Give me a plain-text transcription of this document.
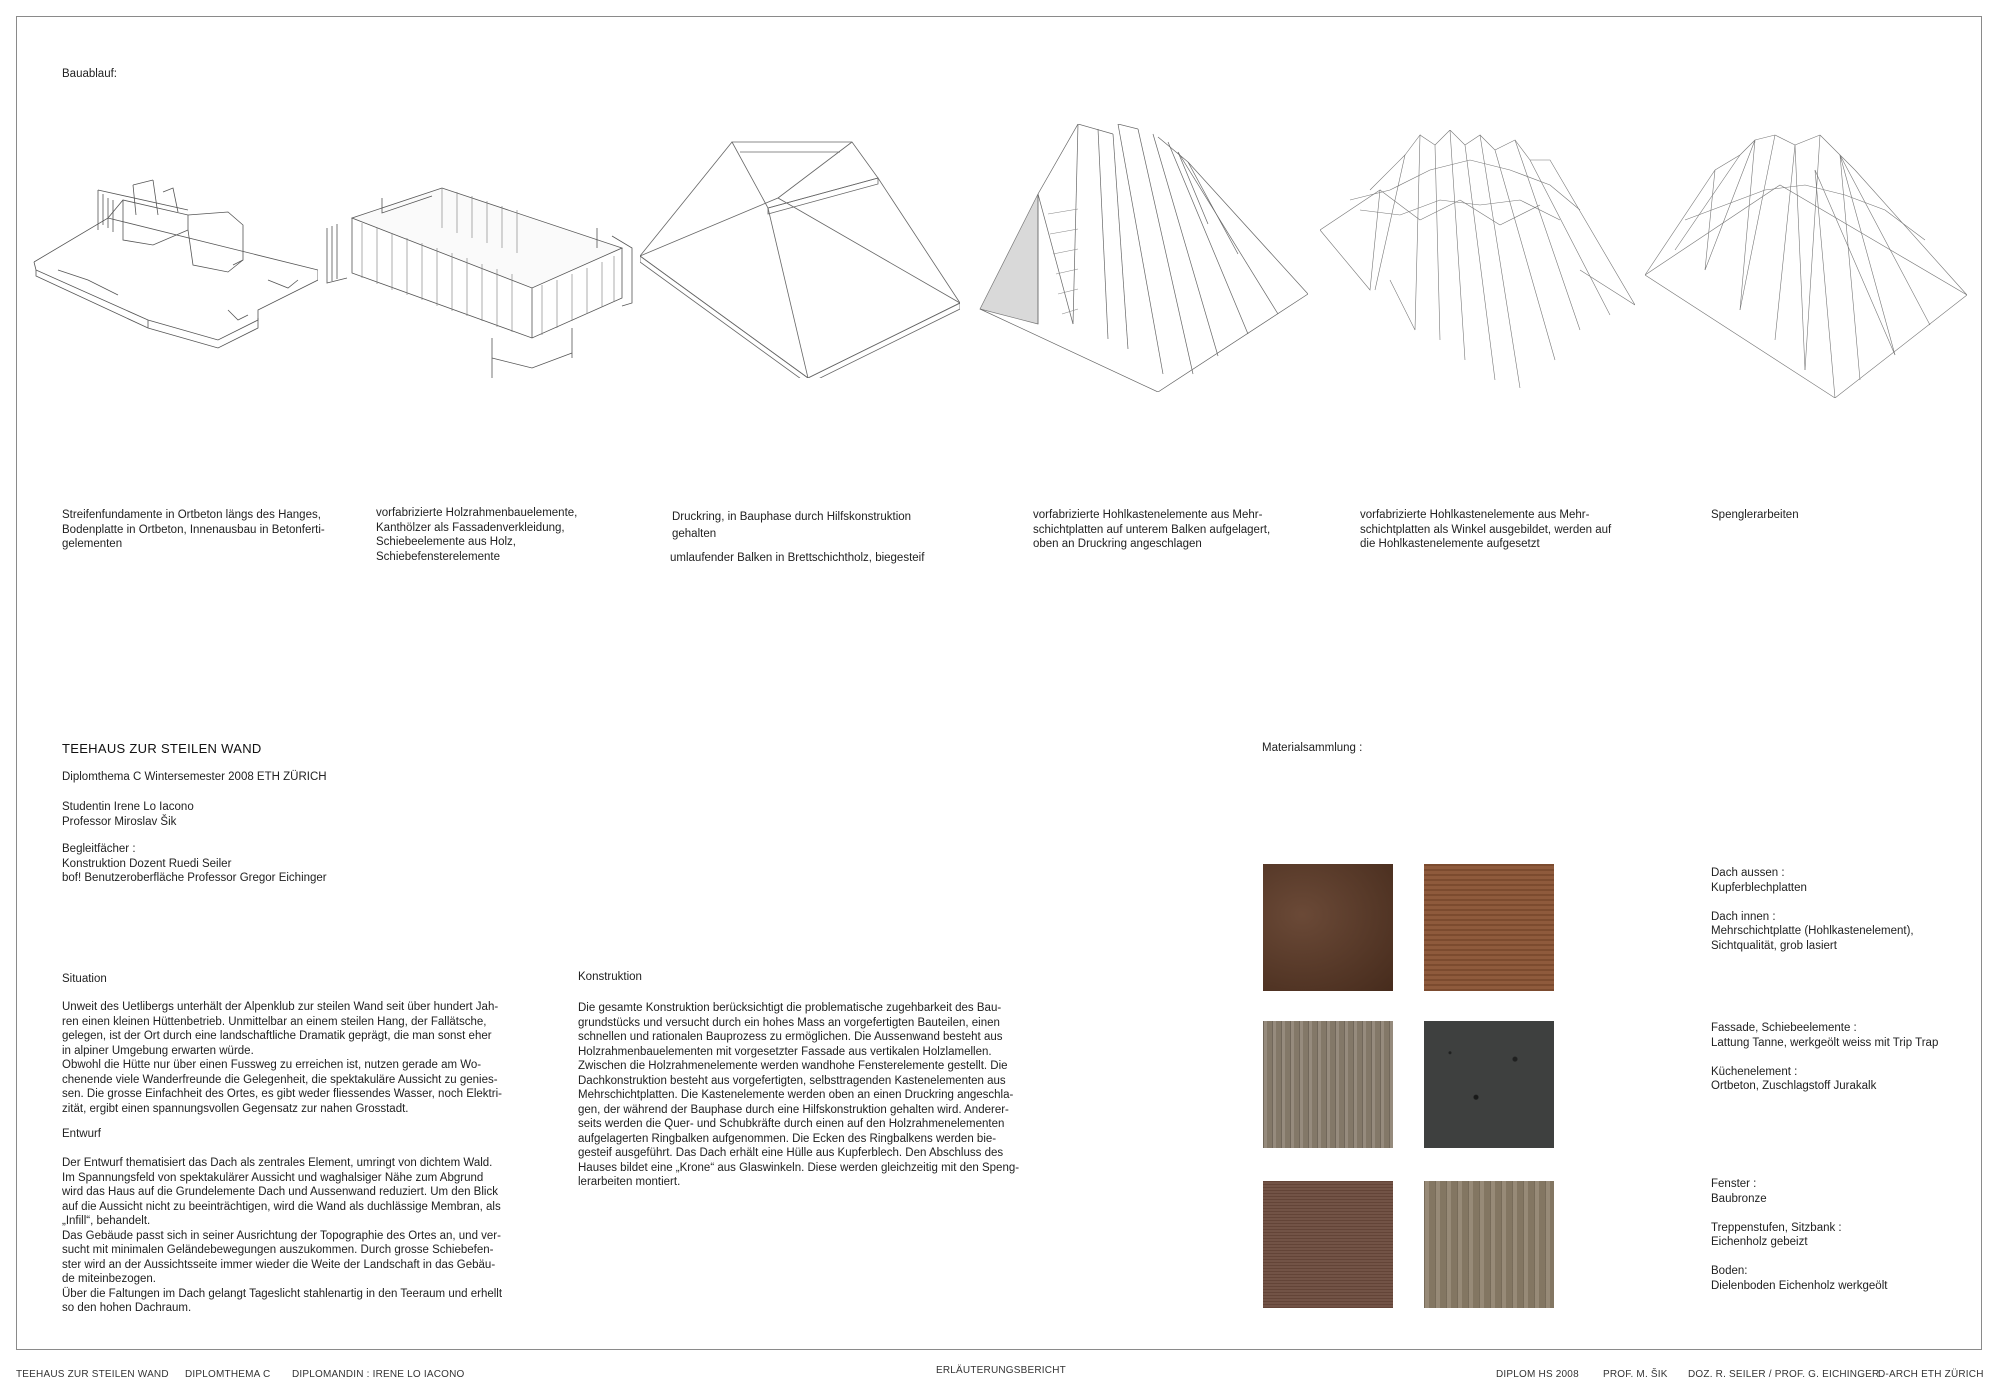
Bauablauf:
Streifenfundamente in Ortbeton längs des Hanges,
Bodenplatte in Ortbeton, Innenausbau in Betonferti-
gelementen
vorfabrizierte Holzrahmenbauelemente,
Kanthölzer als Fassadenverkleidung,
Schiebeelemente aus Holz,
Schiebefensterelemente
Druckring, in Bauphase durch Hilfskonstruktion
gehalten
umlaufender Balken in Brettschichtholz, biegesteif
vorfabrizierte Hohlkastenelemente aus Mehr-
schichtplatten auf unterem Balken aufgelagert,
oben an Druckring angeschlagen
vorfabrizierte Hohlkastenelemente aus Mehr-
schichtplatten als Winkel ausgebildet, werden auf
die Hohlkastenelemente aufgesetzt
Spenglerarbeiten
TEEHAUS ZUR STEILEN WAND
Diplomthema C Wintersemester 2008 ETH ZÜRICH
Studentin Irene Lo Iacono
Professor Miroslav Šik
Begleitfächer :
Konstruktion Dozent Ruedi Seiler
bof! Benutzeroberfläche Professor Gregor Eichinger
Situation
Unweit des Uetlibergs unterhält der Alpenklub zur steilen Wand seit über hundert Jah-
ren einen kleinen Hüttenbetrieb. Unmittelbar an einem steilen Hang, der Fallätsche,
gelegen, ist der Ort durch eine landschaftliche Dramatik geprägt, die man sonst eher
in alpiner Umgebung erwarten würde.
Obwohl die Hütte nur über einen Fussweg zu erreichen ist, nutzen gerade am Wo-
chenende viele Wanderfreunde die Gelegenheit, die spektakuläre Aussicht zu genies-
sen. Die grosse Einfachheit des Ortes, es gibt weder fliessendes Wasser, noch Elektri-
zität, ergibt einen spannungsvollen Gegensatz zur nahen Grosstadt.
Entwurf
Der Entwurf thematisiert das Dach als zentrales Element, umringt von dichtem Wald.
Im Spannungsfeld von spektakulärer Aussicht und waghalsiger Nähe zum Abgrund
wird das Haus auf die Grundelemente Dach und Aussenwand reduziert. Um den Blick
auf die Aussicht nicht zu beeinträchtigen, wird die Wand als duchlässige Membran, als
„Infill“, behandelt.
Das Gebäude passt sich in seiner Ausrichtung der Topographie des Ortes an, und ver-
sucht mit minimalen Geländebewegungen auszukommen. Durch grosse Schiebefen-
ster wird an der Aussichtsseite immer wieder die Weite der Landschaft in das Gebäu-
de miteinbezogen.
Über die Faltungen im Dach gelangt Tageslicht stahlenartig in den Teeraum und erhellt
so den hohen Dachraum.
Konstruktion
Die gesamte Konstruktion berücksichtigt die problematische zugehbarkeit des Bau-
grundstücks und versucht durch ein hohes Mass an vorgefertigten Bauteilen, einen
schnellen und rationalen Bauprozess zu ermöglichen. Die Aussenwand besteht aus
Holzrahmenbauelementen mit vorgesetzter Fassade aus vertikalen Holzlamellen.
Zwischen die Holzrahmenelemente werden wandhohe Fensterelemente gestellt. Die
Dachkonstruktion besteht aus vorgefertigten, selbsttragenden Kastenelementen aus
Mehrschichtplatten. Die Kastenelemente werden oben an einen Druckring angeschla-
gen, der während der Bauphase durch eine Hilfskonstruktion gehalten wird. Anderer-
seits werden die Quer- und Schubkräfte durch einen auf den Holzrahmenelementen
aufgelagerten Ringbalken aufgenommen. Die Ecken des Ringbalkens werden bie-
gesteif ausgeführt. Das Dach erhält eine Hülle aus Kupferblech. Den Abschluss des
Hauses bildet eine „Krone“ aus Glaswinkeln. Diese werden gleichzeitig mit den Speng-
lerarbeiten montiert.
Materialsammlung :
Dach aussen :
Kupferblechplatten

Dach innen :
Mehrschichtplatte (Hohlkastenelement),
Sichtqualität, grob lasiert
Fassade, Schiebeelemente :
Lattung Tanne, werkgeölt weiss mit Trip Trap

Küchenelement :
Ortbeton, Zuschlagstoff Jurakalk
Fenster :
Baubronze

Treppenstufen, Sitzbank :
Eichenholz gebeizt

Boden:
Dielenboden Eichenholz werkgeölt
TEEHAUS ZUR STEILEN WAND DIPLOMTHEMA C DIPLOMANDIN : IRENE LO IACONO	ERLÄUTERUNGSBERICHT	DIPLOM HS 2008 PROF. M. ŠIK DOZ. R. SEILER / PROF. G. EICHINGER
D-ARCH ETH ZÜRICH
